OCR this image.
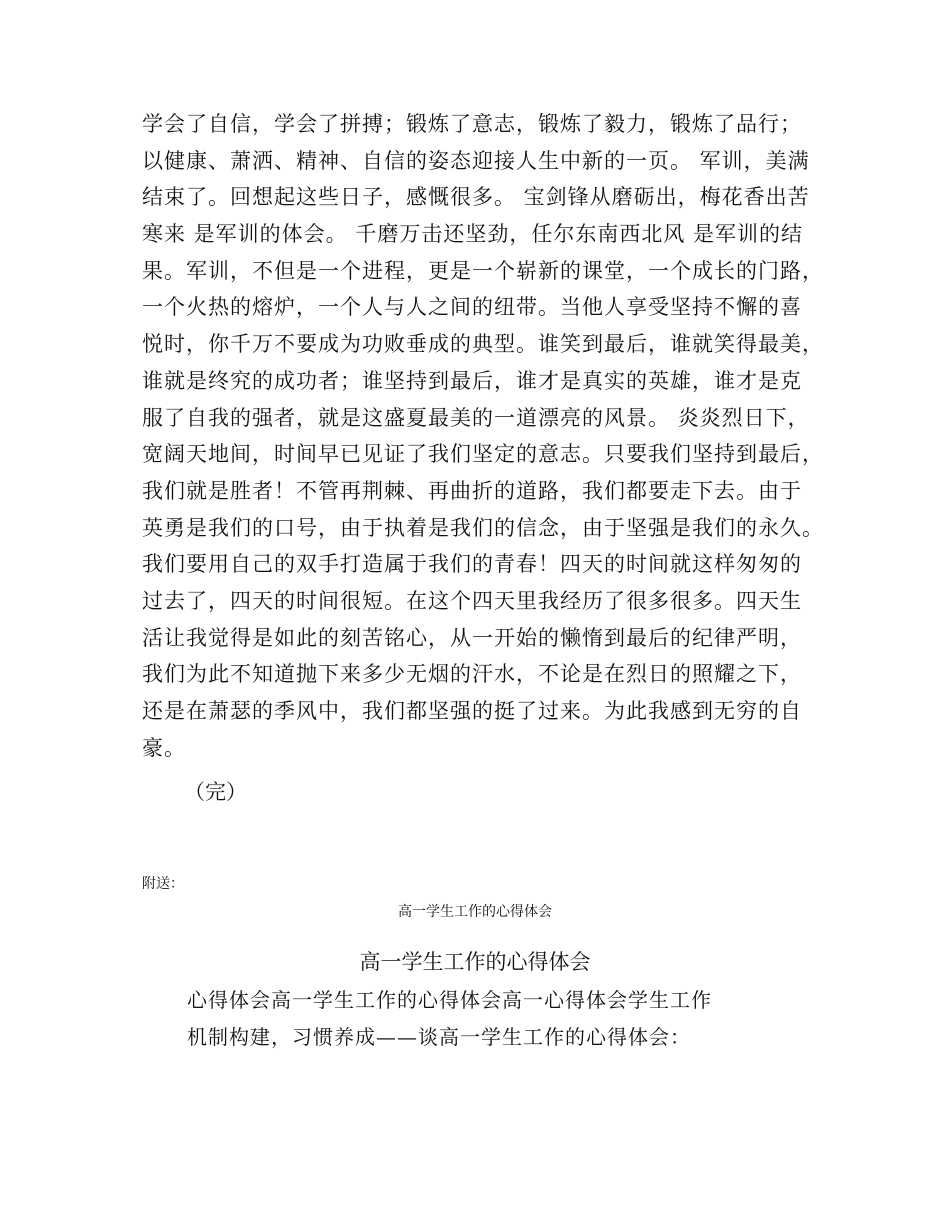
学会了自信，学会了拼搏；锻炼了意志，锻炼了毅力，锻炼了品行；
以健康、萧洒、精神、自信的姿态迎接人生中新的一页。 军训，美满
结束了。回想起这些日子，感慨很多。 宝剑锋从磨砺出，梅花香出苦
寒来 是军训的体会。 千磨万击还坚劲，任尔东南西北风 是军训的结
果。军训，不但是一个进程，更是一个崭新的课堂，一个成长的门路，
一个火热的熔炉，一个人与人之间的纽带。当他人享受坚持不懈的喜
悦时，你千万不要成为功败垂成的典型。谁笑到最后，谁就笑得最美，
谁就是终究的成功者；谁坚持到最后，谁才是真实的英雄，谁才是克
服了自我的强者，就是这盛夏最美的一道漂亮的风景。 炎炎烈日下，
宽阔天地间，时间早已见证了我们坚定的意志。只要我们坚持到最后，
我们就是胜者！不管再荆棘、再曲折的道路，我们都要走下去。由于
英勇是我们的口号，由于执着是我们的信念，由于坚强是我们的永久。
我们要用自己的双手打造属于我们的青春！四天的时间就这样匆匆的
过去了，四天的时间很短。在这个四天里我经历了很多很多。四天生
活让我觉得是如此的刻苦铭心，从一开始的懒惰到最后的纪律严明，
我们为此不知道抛下来多少无烟的汗水，不论是在烈日的照耀之下，
还是在萧瑟的季风中，我们都坚强的挺了过来。为此我感到无穷的自
豪。
（完）
附送：
高一学生工作的心得体会
高一学生工作的心得体会
心得体会高一学生工作的心得体会高一心得体会学生工作
机制构建，习惯养成——谈高一学生工作的心得体会：
